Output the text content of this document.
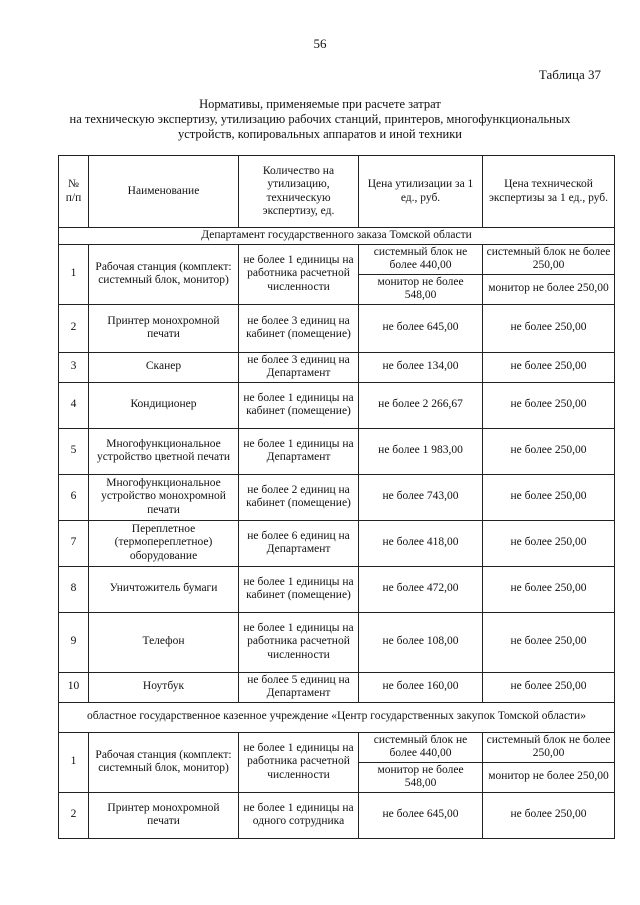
56
Таблица 37
Нормативы, применяемые при расчете затрат
на техническую экспертизу, утилизацию рабочих станций, принтеров, многофункциональных
устройств, копировальных аппаратов и иной техники
№ п/п	Наименование	Количество на утилизацию, техническую экспертизу, ед.	Цена утилизации за 1 ед., руб.	Цена технической экспертизы за 1 ед., руб.
Департамент государственного заказа Томской области				
1	Рабочая станция (комплект: системный блок, монитор)	не более 1 единицы на работника расчетной численности	системный блок не более 440,00	системный блок не более 250,00
			монитор не более 548,00	монитор не более 250,00
2	Принтер монохромной печати	не более 3 единиц на кабинет (помещение)	не более 645,00	не более 250,00
3	Сканер	не более 3 единиц на Департамент	не более 134,00	не более 250,00
4	Кондиционер	не более 1 единицы на кабинет (помещение)	не более 2 266,67	не более 250,00
5	Многофункциональное устройство цветной печати	не более 1 единицы на Департамент	не более 1 983,00	не более 250,00
6	Многофункциональное устройство монохромной печати	не более 2 единиц на кабинет (помещение)	не более 743,00	не более 250,00
7	Переплетное (термопереплетное) оборудование	не более 6 единиц на Департамент	не более 418,00	не более 250,00
8	Уничтожитель бумаги	не более 1 единицы на кабинет (помещение)	не более 472,00	не более 250,00
9	Телефон	не более 1 единицы на работника расчетной численности	не более 108,00	не более 250,00
10	Ноутбук	не более 5 единиц на Департамент	не более 160,00	не более 250,00
областное государственное казенное учреждение «Центр государственных закупок Томской области»				
1	Рабочая станция (комплект: системный блок, монитор)	не более 1 единицы на работника расчетной численности	системный блок не более 440,00	системный блок не более 250,00
			монитор не более 548,00	монитор не более 250,00
2	Принтер монохромной печати	не более 1 единицы на одного сотрудника	не более 645,00	не более 250,00
